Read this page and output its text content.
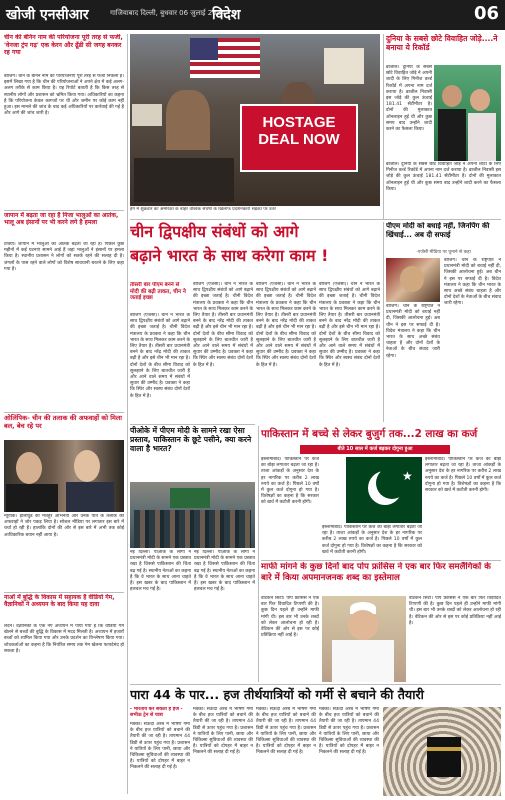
खोजी एनसीआर	गाजियाबाद दिल्ली, बुधवार 06 जुलाई 2024
विदेश	06
चीन की बेनिन नाम की परियोजना पूरी तरह से फर्जी, 'वेनजा ट्रंप गढ़' एक केरन और ढूँडी सी जगह बनकर रह गया
बीजिंग। चीन के बेनिन नाम की परियोजनाएं पूरी तरह से फर्जी निकलीं हैं। इसमें लिखा गया है कि चीन की परियोजनाओं ने अपने क्षेत्र में कई अलग-अलग तरीके से काम किया है। यह रिपोर्ट बताती है कि किस तरह से स्थानीय लोगों और प्रशासन को भ्रमित किया गया। अधिकारियों का कहना है कि परियोजना केवल कागजों पर थी और जमीन पर कोई काम नहीं हुआ। इस मामले की जांच के बाद कई अधिकारियों पर कार्रवाई की गई है और आगे की जांच जारी है।
जापान में बढ़ता जा रहा है निजा भालुओं का आतंक, भालू अब इंसानों पर भी करने लगे है हमला
टोक्यो। जापान में भालुओं का आतंक बढ़ता जा रहा है। पिछले कुछ महीनों में कई घटनाएं सामने आई हैं जहां भालुओं ने इंसानों पर हमला किया है। स्थानीय प्रशासन ने लोगों को सतर्क रहने की सलाह दी है। जंगलों के पास रहने वाले लोगों को विशेष सावधानी बरतने के लिए कहा गया है।
ओलिंपिक- चीन की तलाक की अफवाहों को मिला बल, बेच रहे पर
न्यूयॉर्क। हॉलीवुड की मशहूर अभिनेत्री और उनके पति के तलाक की अफवाहों ने जोर पकड़ लिया है। सोशल मीडिया पर लगातार इस बारे में चर्चा हो रही है। हालांकि दोनों की ओर से इस बारे में अभी तक कोई आधिकारिक बयान नहीं आया है।
नाओं में बुद्धि के विकास में सहायक है वीडियो गेम, वैज्ञानिकों ने अध्ययन के बाद किया यह दावा
लंदन। वैज्ञानिकों के एक नए अध्ययन में पाया गया है कि वीडियो गेम खेलने से बच्चों की बुद्धि के विकास में मदद मिलती है। अध्ययन में हजारों बच्चों को शामिल किया गया और उनके प्रदर्शन का विश्लेषण किया गया। शोधकर्ताओं का कहना है कि नियंत्रित समय तक गेम खेलना फायदेमंद हो सकता है।
HOSTAGE DEAL NOW
हेग में शुक्रवार को अमेरिका के बाहर वैश्विक संघर्षों के खिलाफ प्रदर्शनकारी सड़कों पर उतरे
दुनिया के सबसे छोटे विवाहित जोड़े....ने बनाया ये रिकॉर्ड
ब्राजील। दुनिया के सबसे छोटे विवाहित जोड़े ने अपनी शादी के लिए गिनीज वर्ल्ड रिकॉर्ड में अपना नाम दर्ज कराया है। ब्राजील निवासी इस जोड़े की कुल ऊंचाई 181.41 सेंटीमीटर है। दोनों की मुलाकात ऑनलाइन हुई थी और कुछ समय बाद उन्होंने शादी करने का फैसला किया।
ब्राजील। दुनिया के सबसे छोटे विवाहित जोड़े ने अपनी शादी के लिए गिनीज वर्ल्ड रिकॉर्ड में अपना नाम दर्ज कराया है। ब्राजील निवासी इस जोड़े की कुल ऊंचाई 181.41 सेंटीमीटर है। दोनों की मुलाकात ऑनलाइन हुई थी और कुछ समय बाद उन्होंने शादी करने का फैसला किया।
चीन द्विपक्षीय संबंधों को आगे
बढ़ाने भारत के साथ करेगा काम !
तीसरी बार पीएम बनने से मोदी की बढ़ी ताकत, चीन ने जताई इच्छा
बीजिंग (एजेंसी)। चीन ने भारत के साथ द्विपक्षीय संबंधों को आगे बढ़ाने की इच्छा जताई है। चीनी विदेश मंत्रालय के प्रवक्ता ने कहा कि चीन भारत के साथ मिलकर काम करने के लिए तैयार है। तीसरी बार प्रधानमंत्री बनने के बाद नरेंद्र मोदी की ताकत बढ़ी है और इसे चीन भी मान रहा है। दोनों देशों के बीच सीमा विवाद को सुलझाने के लिए बातचीत जारी है और आने वाले समय में संबंधों में सुधार की उम्मीद है। प्रवक्ता ने कहा कि स्थिर और स्वस्थ संबंध दोनों देशों के हित में है।
बीजिंग (एजेंसी)। चीन ने भारत के साथ द्विपक्षीय संबंधों को आगे बढ़ाने की इच्छा जताई है। चीनी विदेश मंत्रालय के प्रवक्ता ने कहा कि चीन भारत के साथ मिलकर काम करने के लिए तैयार है। तीसरी बार प्रधानमंत्री बनने के बाद नरेंद्र मोदी की ताकत बढ़ी है और इसे चीन भी मान रहा है। दोनों देशों के बीच सीमा विवाद को सुलझाने के लिए बातचीत जारी है और आने वाले समय में संबंधों में सुधार की उम्मीद है। प्रवक्ता ने कहा कि स्थिर और स्वस्थ संबंध दोनों देशों के हित में है।
बीजिंग (एजेंसी)। चीन ने भारत के साथ द्विपक्षीय संबंधों को आगे बढ़ाने की इच्छा जताई है। चीनी विदेश मंत्रालय के प्रवक्ता ने कहा कि चीन भारत के साथ मिलकर काम करने के लिए तैयार है। तीसरी बार प्रधानमंत्री बनने के बाद नरेंद्र मोदी की ताकत बढ़ी है और इसे चीन भी मान रहा है। दोनों देशों के बीच सीमा विवाद को सुलझाने के लिए बातचीत जारी है और आने वाले समय में संबंधों में सुधार की उम्मीद है। प्रवक्ता ने कहा कि स्थिर और स्वस्थ संबंध दोनों देशों के हित में है।
बीजिंग (एजेंसी)। चीन ने भारत के साथ द्विपक्षीय संबंधों को आगे बढ़ाने की इच्छा जताई है। चीनी विदेश मंत्रालय के प्रवक्ता ने कहा कि चीन भारत के साथ मिलकर काम करने के लिए तैयार है। तीसरी बार प्रधानमंत्री बनने के बाद नरेंद्र मोदी की ताकत बढ़ी है और इसे चीन भी मान रहा है। दोनों देशों के बीच सीमा विवाद को सुलझाने के लिए बातचीत जारी है और आने वाले समय में संबंधों में सुधार की उम्मीद है। प्रवक्ता ने कहा कि स्थिर और स्वस्थ संबंध दोनों देशों के हित में है।
पीएम मोदी को बधाई नहीं, जिनपिंग की खिंचाई... अब दी सफाई
-एजेंसी मीडिया पर घुमाने से कहा
बीजिंग। चीन के राष्ट्रपति ने प्रधानमंत्री मोदी को बधाई नहीं दी, जिसकी आलोचना हुई। अब चीन ने इस पर सफाई दी है। विदेश मंत्रालय ने कहा कि चीन भारत के साथ अच्छे संबंध चाहता है और दोनों देशों के नेताओं के बीच संवाद जारी रहेगा।
बीजिंग। चीन के राष्ट्रपति ने प्रधानमंत्री मोदी को बधाई नहीं दी, जिसकी आलोचना हुई। अब चीन ने इस पर सफाई दी है। विदेश मंत्रालय ने कहा कि चीन भारत के साथ अच्छे संबंध चाहता है और दोनों देशों के नेताओं के बीच संवाद जारी रहेगा।
पीओके में पीएम मोदी के सामने रखा ऐसा प्रस्ताव, पाकिस्तान के छूटे पसीने, क्या करने वाला है भारत?
नई दिल्ली। पीओके के लोगों ने प्रधानमंत्री मोदी के सामने एक प्रस्ताव रखा है जिससे पाकिस्तान की चिंता बढ़ गई है। स्थानीय नेताओं का कहना है कि वे भारत के साथ आना चाहते हैं। इस खबर के बाद पाकिस्तान में हलचल मच गई है।
नई दिल्ली। पीओके के लोगों ने प्रधानमंत्री मोदी के सामने एक प्रस्ताव रखा है जिससे पाकिस्तान की चिंता बढ़ गई है। स्थानीय नेताओं का कहना है कि वे भारत के साथ आना चाहते हैं। इस खबर के बाद पाकिस्तान में हलचल मच गई है।
पाकिस्तान में बच्चे से लेकर बुजुर्ग तक...2 लाख का कर्ज
बीते 10 साल में कर्ज बढ़कर दोगुना हुआ
इस्लामाबाद। पाकिस्तान पर कर्ज का बोझ लगातार बढ़ता जा रहा है। ताजा आंकड़ों के अनुसार देश के हर नागरिक पर करीब 2 लाख रुपये का कर्ज है। पिछले 10 वर्षों में कुल कर्ज दोगुना हो गया है। विशेषज्ञों का कहना है कि सरकार को खर्च में कटौती करनी होगी।
★
इस्लामाबाद। पाकिस्तान पर कर्ज का बोझ लगातार बढ़ता जा रहा है। ताजा आंकड़ों के अनुसार देश के हर नागरिक पर करीब 2 लाख रुपये का कर्ज है। पिछले 10 वर्षों में कुल कर्ज दोगुना हो गया है। विशेषज्ञों का कहना है कि सरकार को खर्च में कटौती करनी होगी।
इस्लामाबाद। पाकिस्तान पर कर्ज का बोझ लगातार बढ़ता जा रहा है। ताजा आंकड़ों के अनुसार देश के हर नागरिक पर करीब 2 लाख रुपये का कर्ज है। पिछले 10 वर्षों में कुल कर्ज दोगुना हो गया है। विशेषज्ञों का कहना है कि सरकार को खर्च में कटौती करनी होगी।
माफी मांगने के कुछ दिनों बाद पोप फ्रांसिस ने एक बार फिर समलैंगिकों के बारे में किया अपमानजनक शब्द का इस्तेमाल
वेटिकन सिटी। पोप फ्रांसिस ने एक बार फिर विवादित टिप्पणी की है। कुछ दिन पहले ही उन्होंने माफी मांगी थी। इस बार भी उनके शब्दों को लेकर आलोचना हो रही है। वेटिकन की ओर से इस पर कोई प्रतिक्रिया नहीं आई है।
वेटिकन सिटी। पोप फ्रांसिस ने एक बार फिर विवादित टिप्पणी की है। कुछ दिन पहले ही उन्होंने माफी मांगी थी। इस बार भी उनके शब्दों को लेकर आलोचना हो रही है। वेटिकन की ओर से इस पर कोई प्रतिक्रिया नहीं आई है।
पारा 44 के पार... हज तीर्थयात्रियों को गर्मी से बचाने की तैयारी
- भारतीय कर सकती हैं हजे - सभीऊ ट्रेन से यात्रा
मक्का। सऊदी अरब में भीषण गर्मी के बीच हज यात्रियों को बचाने की तैयारी की जा रही है। तापमान 44 डिग्री से ऊपर पहुंच गया है। प्रशासन ने यात्रियों के लिए पानी, छाया और चिकित्सा सुविधाओं की व्यवस्था की है। यात्रियों को दोपहर में बाहर न निकलने की सलाह दी गई है।
मक्का। सऊदी अरब में भीषण गर्मी के बीच हज यात्रियों को बचाने की तैयारी की जा रही है। तापमान 44 डिग्री से ऊपर पहुंच गया है। प्रशासन ने यात्रियों के लिए पानी, छाया और चिकित्सा सुविधाओं की व्यवस्था की है। यात्रियों को दोपहर में बाहर न निकलने की सलाह दी गई है।
मक्का। सऊदी अरब में भीषण गर्मी के बीच हज यात्रियों को बचाने की तैयारी की जा रही है। तापमान 44 डिग्री से ऊपर पहुंच गया है। प्रशासन ने यात्रियों के लिए पानी, छाया और चिकित्सा सुविधाओं की व्यवस्था की है। यात्रियों को दोपहर में बाहर न निकलने की सलाह दी गई है।
मक्का। सऊदी अरब में भीषण गर्मी के बीच हज यात्रियों को बचाने की तैयारी की जा रही है। तापमान 44 डिग्री से ऊपर पहुंच गया है। प्रशासन ने यात्रियों के लिए पानी, छाया और चिकित्सा सुविधाओं की व्यवस्था की है। यात्रियों को दोपहर में बाहर न निकलने की सलाह दी गई है।
